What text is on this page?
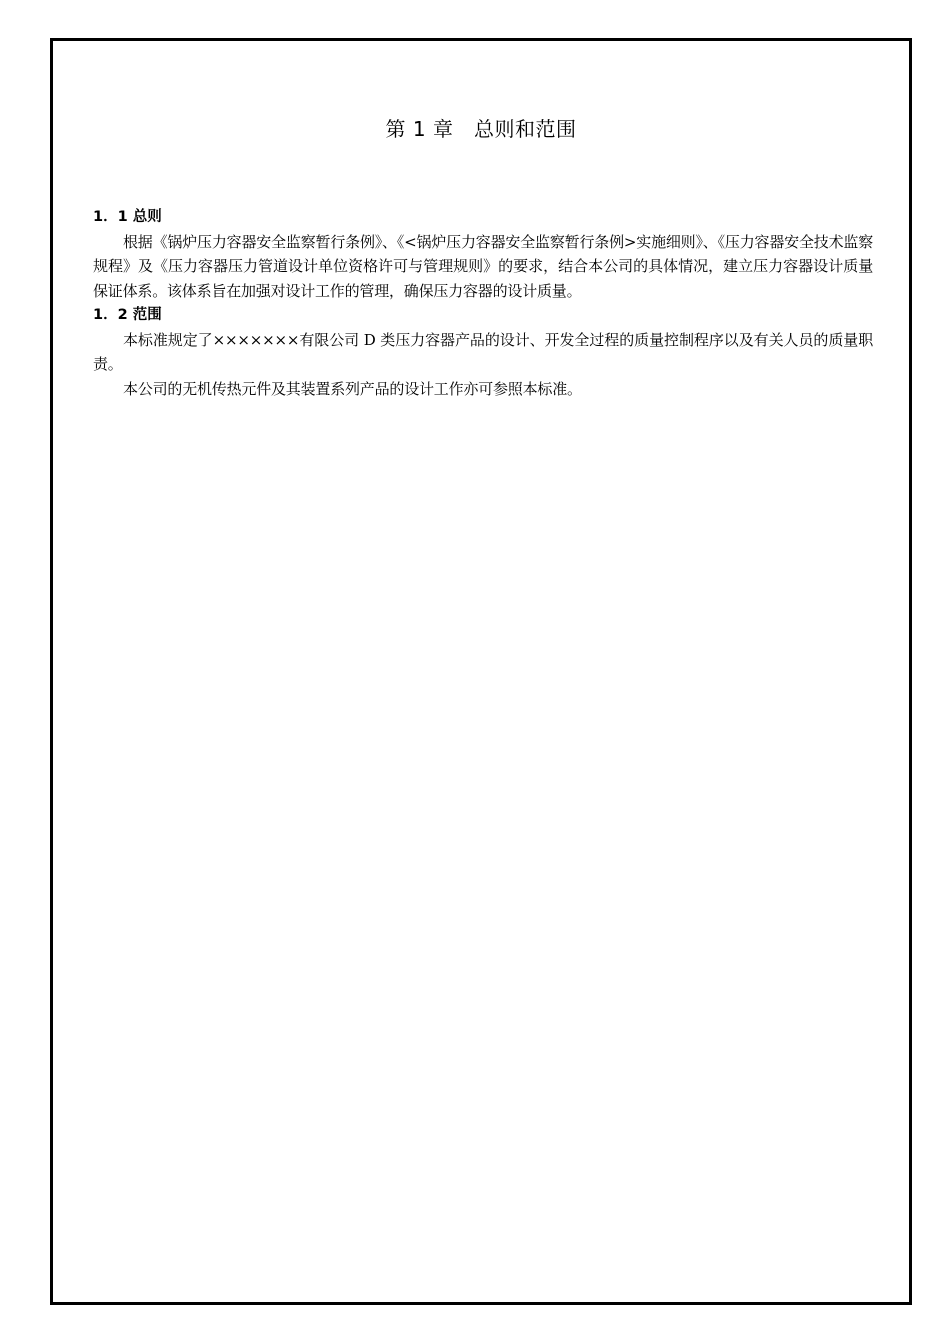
第 1 章　总则和范围

1．1 总则

根据《锅炉压力容器安全监察暂行条例》、《<锅炉压力容器安全监察暂行条例>实施细则》、《压力容器安全技术监察规程》及《压力容器压力管道设计单位资格许可与管理规则》的要求，结合本公司的具体情况，建立压力容器设计质量保证体系。该体系旨在加强对设计工作的管理，确保压力容器的设计质量。

1．2 范围

本标准规定了×××××××有限公司 D 类压力容器产品的设计、开发全过程的质量控制程序以及有关人员的质量职责。

本公司的无机传热元件及其装置系列产品的设计工作亦可参照本标准。
